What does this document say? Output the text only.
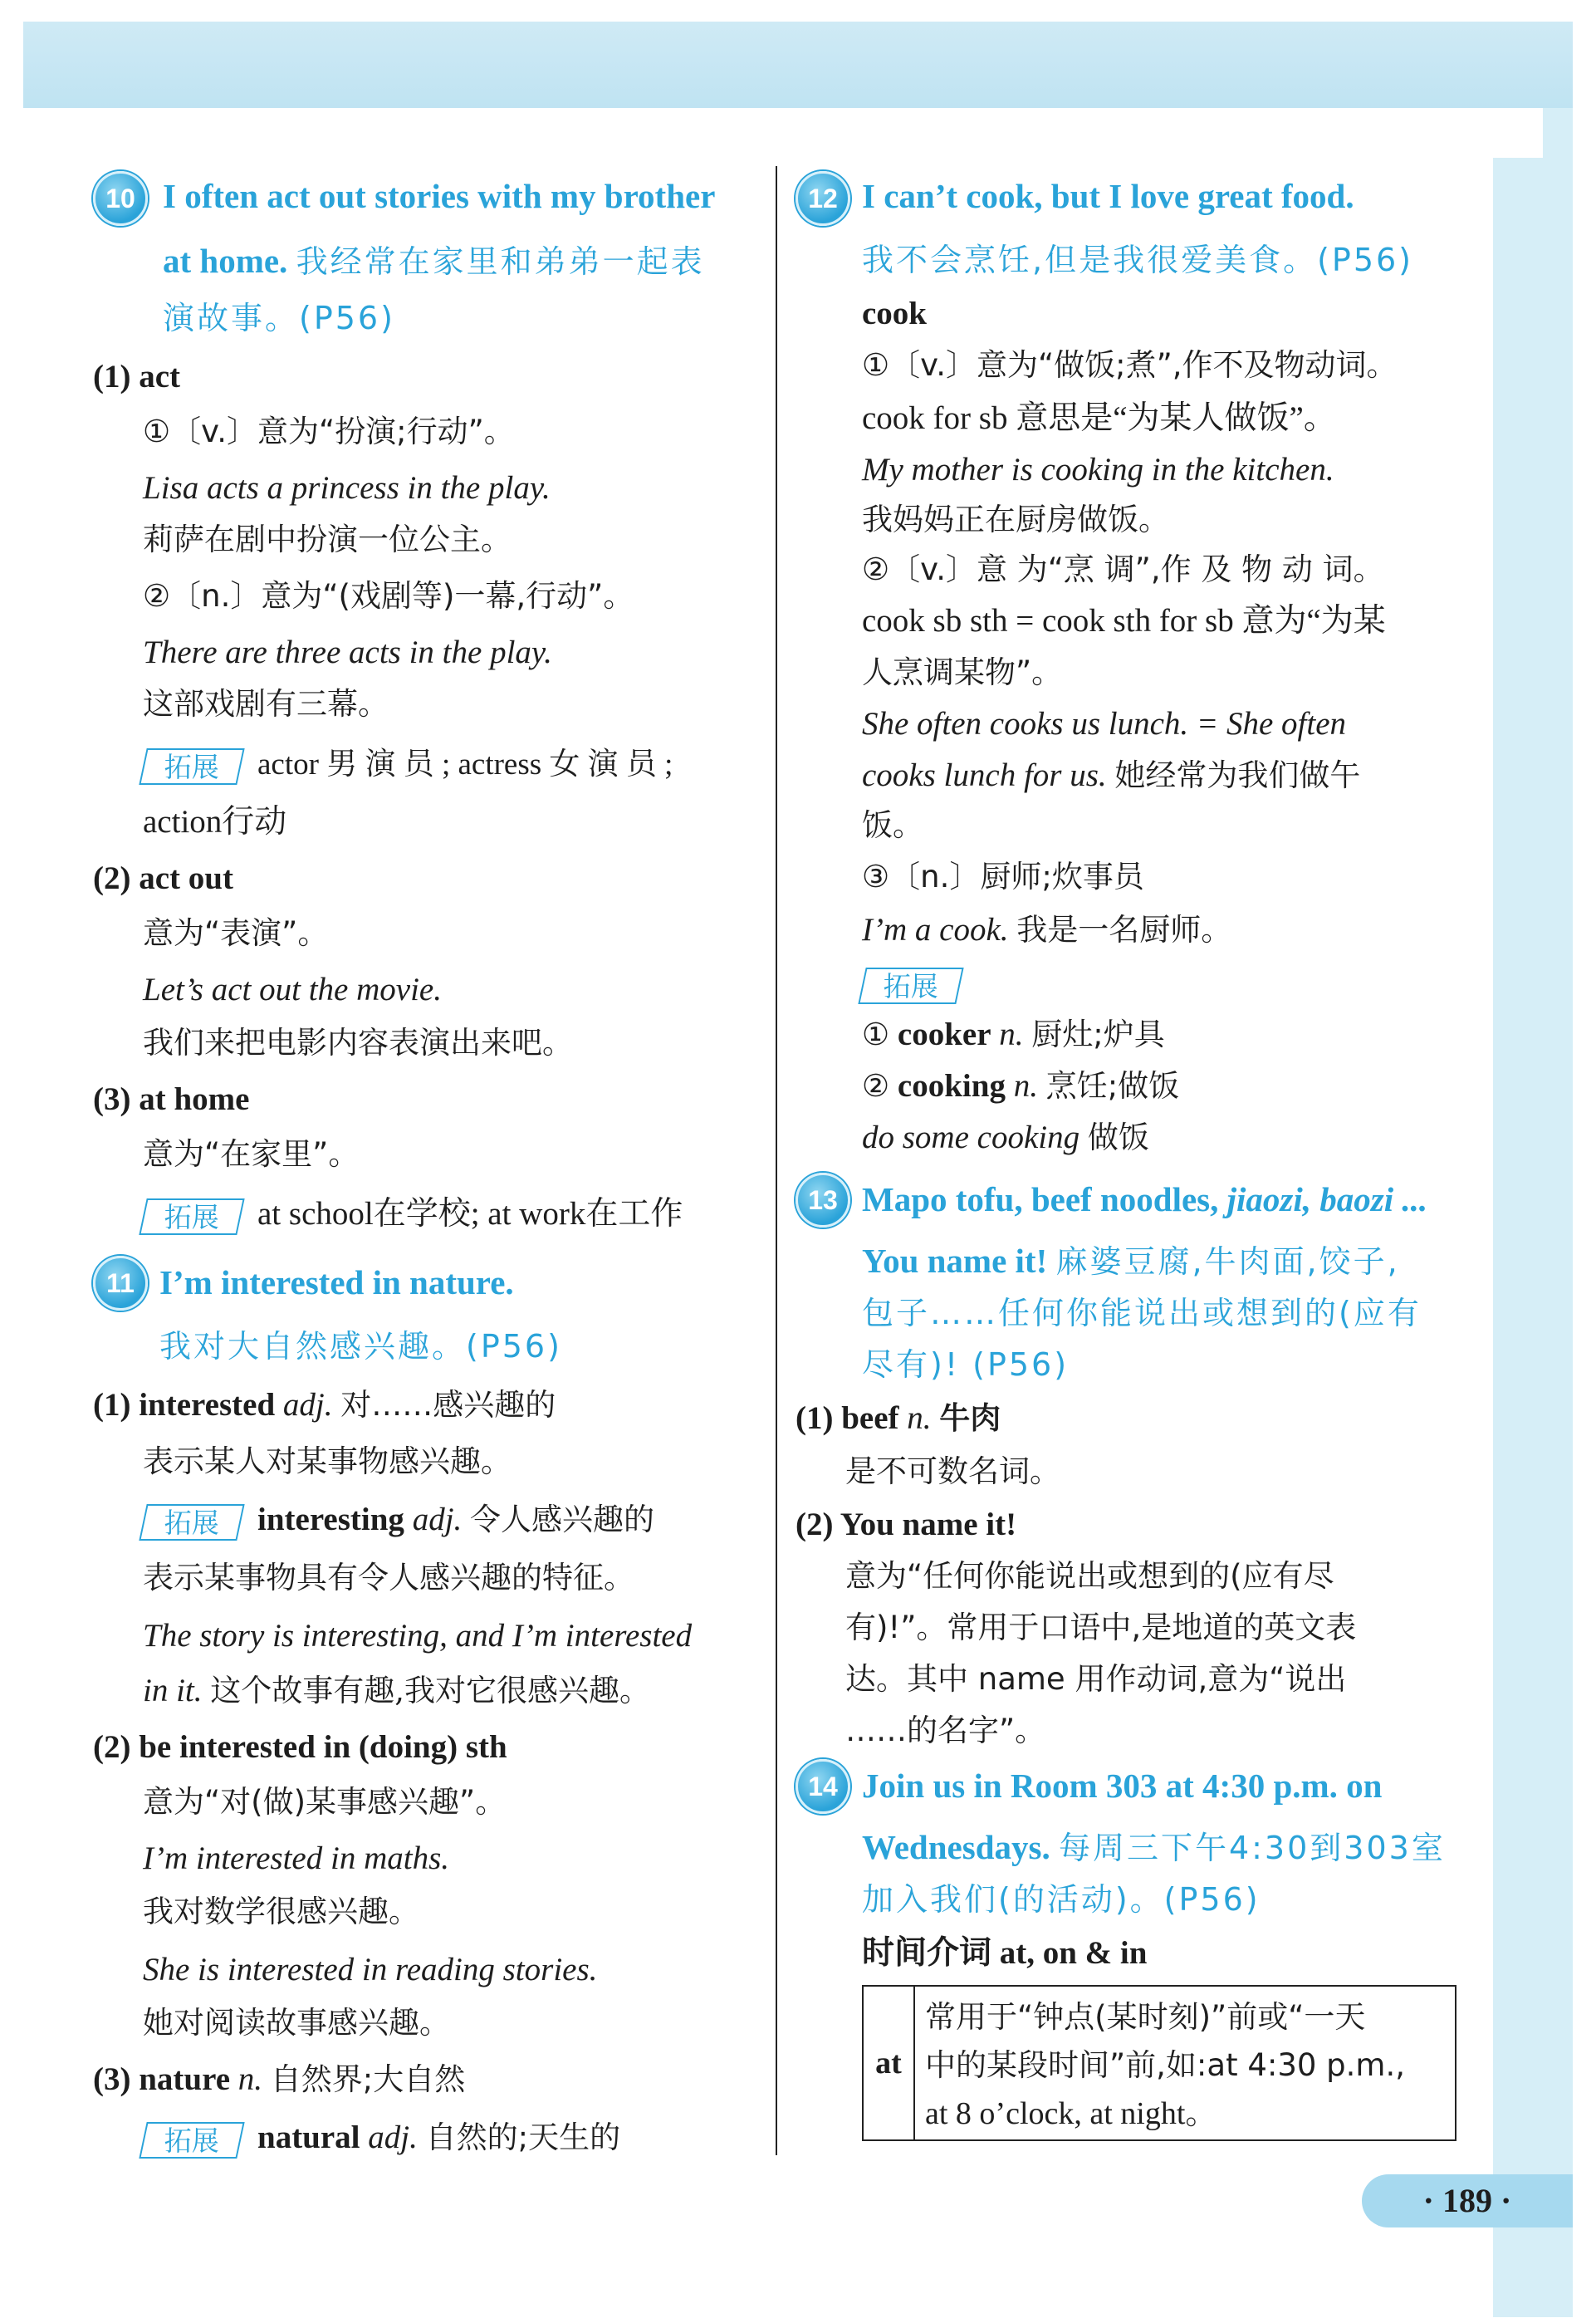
10 I often act out stories with my brother
at home. 我经常在家里和弟弟一起表
演故事。(P56)
(1) act
①〔v.〕意为“扮演;行动”。
Lisa acts a princess in the play.
莉萨在剧中扮演一位公主。
②〔n.〕意为“(戏剧等)一幕,行动”。
There are three acts in the play.
这部戏剧有三幕。
拓展 actor 男 演 员 ; actress 女 演 员 ;
action行动
(2) act out
意为“表演”。
Let’s act out the movie.
我们来把电影内容表演出来吧。
(3) at home
意为“在家里”。
拓展 at school在学校; at work在工作
11 I’m interested in nature.
我对大自然感兴趣。(P56)
(1) interested adj. 对……感兴趣的
表示某人对某事物感兴趣。
拓展 interesting adj. 令人感兴趣的
表示某事物具有令人感兴趣的特征。
The story is interesting, and I’m interested
in it. 这个故事有趣,我对它很感兴趣。
(2) be interested in (doing) sth
意为“对(做)某事感兴趣”。
I’m interested in maths.
我对数学很感兴趣。
She is interested in reading stories.
她对阅读故事感兴趣。
(3) nature n. 自然界;大自然
拓展 natural adj. 自然的;天生的
12 I can’t cook, but I love great food.
我不会烹饪,但是我很爱美食。(P56)
cook
①〔v.〕意为“做饭;煮”,作不及物动词。
cook for sb 意思是“为某人做饭”。
My mother is cooking in the kitchen.
我妈妈正在厨房做饭。
②〔v.〕意 为“烹 调”,作 及 物 动 词。
cook sb sth = cook sth for sb 意为“为某
人烹调某物”。
She often cooks us lunch. = She often
cooks lunch for us. 她经常为我们做午
饭。
③〔n.〕厨师;炊事员
I’m a cook. 我是一名厨师。
拓展
① cooker n. 厨灶;炉具
② cooking n. 烹饪;做饭
do some cooking 做饭
13 Mapo tofu, beef noodles, jiaozi, baozi ...
You name it! 麻婆豆腐,牛肉面,饺子,
包子……任何你能说出或想到的(应有
尽有)! (P56)
(1) beef n. 牛肉
是不可数名词。
(2) You name it!
意为“任何你能说出或想到的(应有尽
有)!”。常用于口语中,是地道的英文表
达。其中 name 用作动词,意为“说出
……的名字”。
14 Join us in Room 303 at 4:30 p.m. on
Wednesdays. 每周三下午4:30到303室
加入我们(的活动)。(P56)
时间介词 at, on & in
at
常用于“钟点(某时刻)”前或“一天
中的某段时间”前,如:at 4:30 p.m.,
at 8 o’clock, at night。
· 189 ·
